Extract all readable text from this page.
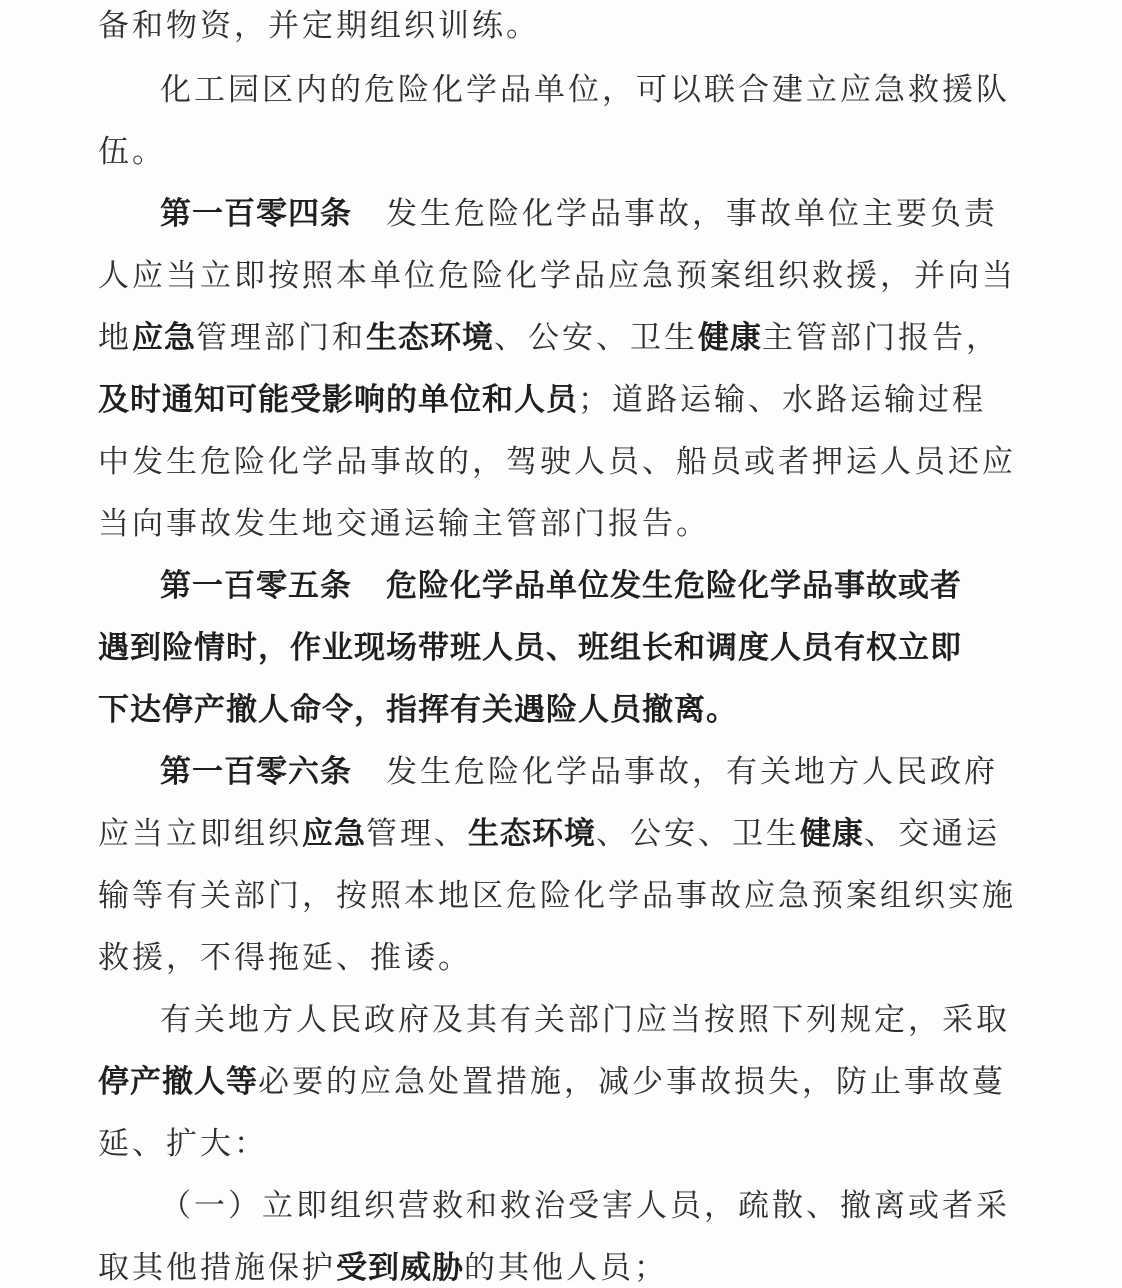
备和物资，并定期组织训练。
化工园区内的危险化学品单位，可以联合建立应急救援队
伍。
第一百零四条 发生危险化学品事故，事故单位主要负责
人应当立即按照本单位危险化学品应急预案组织救援，并向当
地应急管理部门和生态环境、公安、卫生健康主管部门报告，
及时通知可能受影响的单位和人员；道路运输、水路运输过程
中发生危险化学品事故的，驾驶人员、船员或者押运人员还应
当向事故发生地交通运输主管部门报告。
第一百零五条 危险化学品单位发生危险化学品事故或者
遇到险情时，作业现场带班人员、班组长和调度人员有权立即
下达停产撤人命令，指挥有关遇险人员撤离。
第一百零六条 发生危险化学品事故，有关地方人民政府
应当立即组织应急管理、生态环境、公安、卫生健康、交通运
输等有关部门，按照本地区危险化学品事故应急预案组织实施
救援，不得拖延、推诿。
有关地方人民政府及其有关部门应当按照下列规定，采取
停产撤人等必要的应急处置措施，减少事故损失，防止事故蔓
延、扩大：
（一）立即组织营救和救治受害人员，疏散、撤离或者采
取其他措施保护受到威胁的其他人员；
